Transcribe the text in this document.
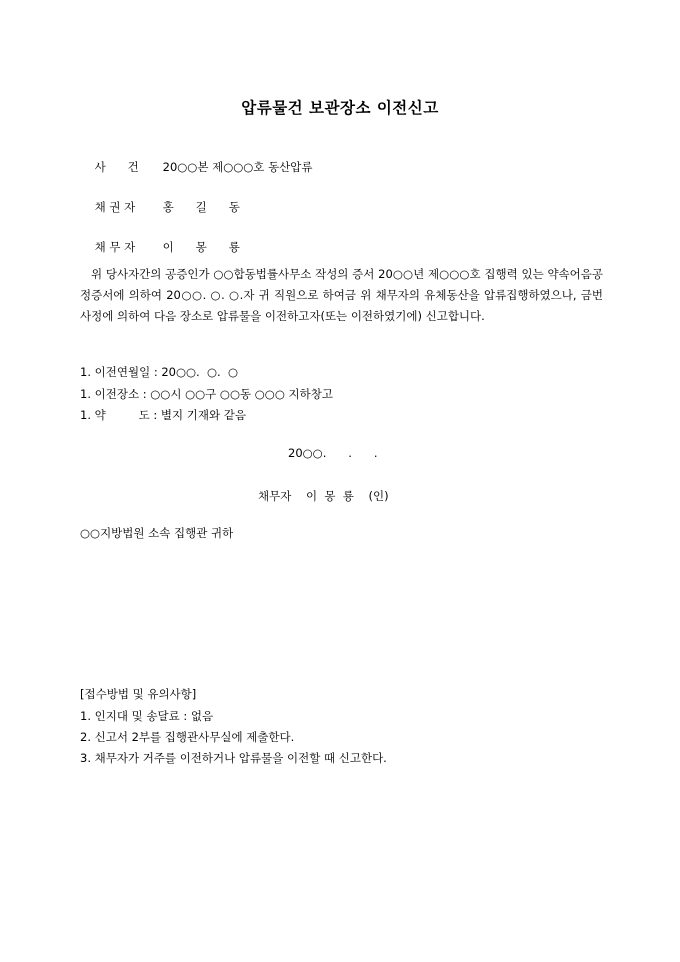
압류물건 보관장소 이전신고

사      건 20○○본 제○○○호 동산압류

채 권 자 홍      길      동

채 무 자 이      몽      룡

위 당사자간의 공증인가 ○○합동법률사무소 작성의 증서 20○○년 제○○○호 집행력 있는 약속어음공정증서에 의하여 20○○. ○. ○.자 귀 직원으로 하여금 위 채무자의 유체동산을 압류집행하였으나, 금번 사정에 의하여 다음 장소로 압류물을 이전하고자(또는 이전하였기에) 신고합니다.
1. 이전연월일 : 20○○.  ○.  ○
1. 이전장소 : ○○시 ○○구 ○○동 ○○○ 지하창고
1. 약         도 : 별지 기재와 같음
20○○.      .      .
채무자    이  몽  룡    (인)
○○지방법원 소속 집행관 귀하
[접수방법 및 유의사항]
1. 인지대 및 송달료 : 없음
2. 신고서 2부를 집행관사무실에 제출한다.
3. 채무자가 거주를 이전하거나 압류물을 이전할 때 신고한다.
